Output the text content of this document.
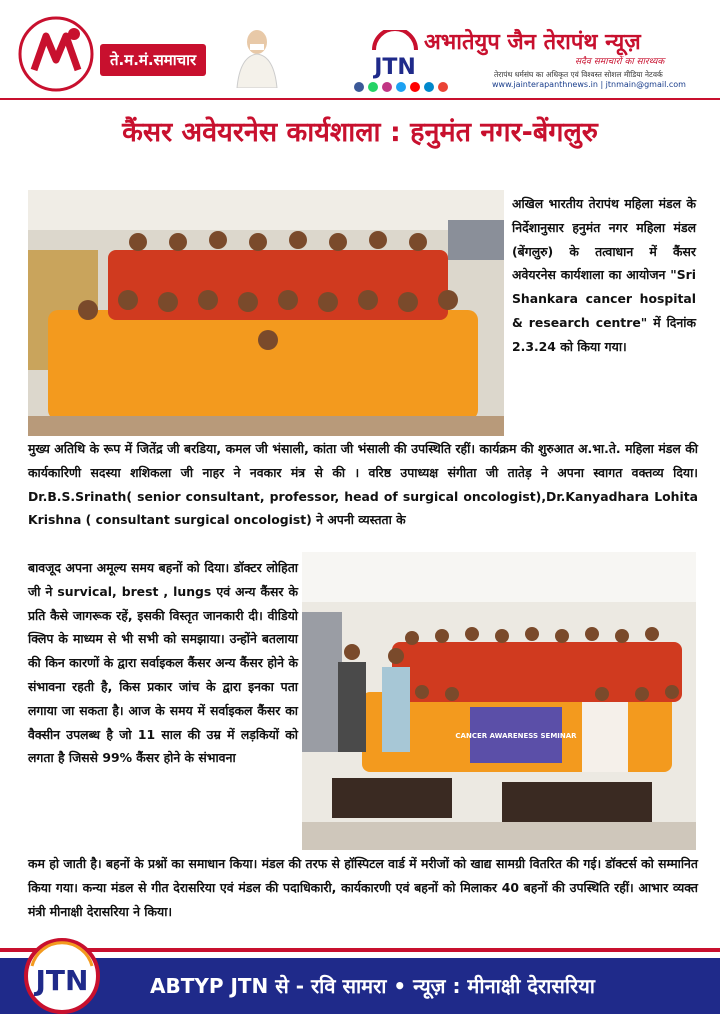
ते.म.मं.समाचार	JTN
अभातेयुप जैन तेरापंथ न्यूज़
सदैव समाचारों का सारथ्यक
तेरापंथ धर्मसंघ का अधिकृत एवं विश्वस्त सोशल मीडिया नेटवर्क
www.jainterapanthnews.in | jtnmain@gmail.com
कैंसर अवेयरनेस कार्यशाला : हनुमंत नगर-बेंगलुरु
अखिल भारतीय तेरापंथ महिला मंडल के निर्देशानुसार हनुमंत नगर महिला मंडल (बेंगलुरु) के तत्वाधान में कैंसर अवेयरनेस कार्यशाला का आयोजन "Sri Shankara cancer hospital & research centre" में दिनांक 2.3.24 को किया गया।
मुख्य अतिथि के रूप में जितेंद्र जी बरडिया, कमल जी भंसाली, कांता जी भंसाली की उपस्थिति रहीं। कार्यक्रम की शुरुआत अ.भा.ते. महिला मंडल की कार्यकारिणी सदस्या शशिकला जी नाहर ने नवकार मंत्र से की । वरिष्ठ उपाध्यक्ष संगीता जी तातेड़ ने अपना स्वागत वक्तव्य दिया।Dr.B.S.Srinath( senior consultant, professor, head of surgical oncologist),Dr.Kanyadhara Lohita Krishna ( consultant surgical oncologist) ने अपनी व्यस्तता के
CANCER AWARENESS SEMINAR
बावजूद अपना अमूल्य समय बहनों को दिया। डॉक्टर लोहिता जी ने survical, brest , lungs एवं अन्य कैंसर के प्रति कैसे जागरूक रहें, इसकी विस्तृत जानकारी दी। वीडियो क्लिप के माध्यम से भी सभी को समझाया। उन्होंने बतलाया की किन कारणों के द्वारा सर्वाइकल कैंसर अन्य कैंसर होने के संभावना रहती है, किस प्रकार जांच के द्वारा इनका पता लगाया जा सकता है। आज के समय में सर्वाइकल कैंसर का वैक्सीन उपलब्ध है जो 11 साल की उम्र में लड़कियों को लगता है जिससे 99% कैंसर होने के संभावना
कम हो जाती है। बहनों के प्रश्नों का समाधान किया। मंडल की तरफ से हॉस्पिटल वार्ड में मरीजों को खाद्य सामग्री वितरित की गई। डॉक्टर्स को सम्मानित किया गया। कन्या मंडल से गीत देरासरिया एवं मंडल की पदाधिकारी, कार्यकारणी एवं बहनों को मिलाकर 40 बहनों की उपस्थिति रहीं। आभार व्यक्त मंत्री मीनाक्षी देरासरिया ने किया।
JTN	ABTYP JTN से - रवि सामरा • न्यूज़ : मीनाक्षी देरासरिया
